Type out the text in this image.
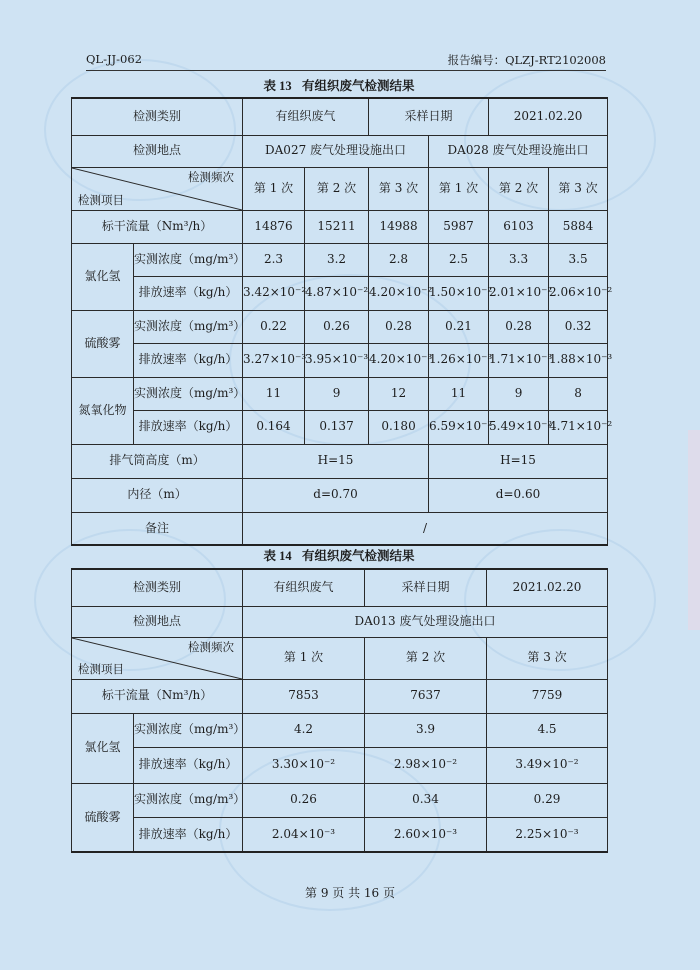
QL-JJ-062	报告编号：QLZJ-RT2102008
表 13 有组织废气检测结果
检测类别		有组织废气		采样日期		2021.02.20	
检测地点		DA027 废气处理设施出口			DA028 废气处理设施出口		

检测频次
检测项目		第 1 次	第 2 次	第 3 次	第 1 次	第 2 次	第 3 次
标干流量（Nm³/h）		14876	15211	14988	5987	6103	5884
氯化氢	实测浓度（mg/m³）	2.3	3.2	2.8	2.5	3.3	3.5
	排放速率（kg/h）	3.42×10⁻²	4.87×10⁻²	4.20×10⁻²	1.50×10⁻²	2.01×10⁻²	2.06×10⁻²
硫酸雾	实测浓度（mg/m³）	0.22	0.26	0.28	0.21	0.28	0.32
	排放速率（kg/h）	3.27×10⁻³	3.95×10⁻³	4.20×10⁻³	1.26×10⁻³	1.71×10⁻³	1.88×10⁻³
氮氧化物	实测浓度（mg/m³）	11	9	12	11	9	8
	排放速率（kg/h）	0.164	0.137	0.180	6.59×10⁻²	5.49×10⁻²	4.71×10⁻²
排气筒高度（m）		H=15			H=15		
内径（m）		d=0.70			d=0.60		
备注		/					
表 14 有组织废气检测结果
检测类别		有组织废气	采样日期	2021.02.20
检测地点		DA013 废气处理设施出口		

检测频次
检测项目		第 1 次	第 2 次	第 3 次
标干流量（Nm³/h）		7853	7637	7759
氯化氢	实测浓度（mg/m³）	4.2	3.9	4.5
	排放速率（kg/h）	3.30×10⁻²	2.98×10⁻²	3.49×10⁻²
硫酸雾	实测浓度（mg/m³）	0.26	0.34	0.29
	排放速率（kg/h）	2.04×10⁻³	2.60×10⁻³	2.25×10⁻³
第 9 页 共 16 页
